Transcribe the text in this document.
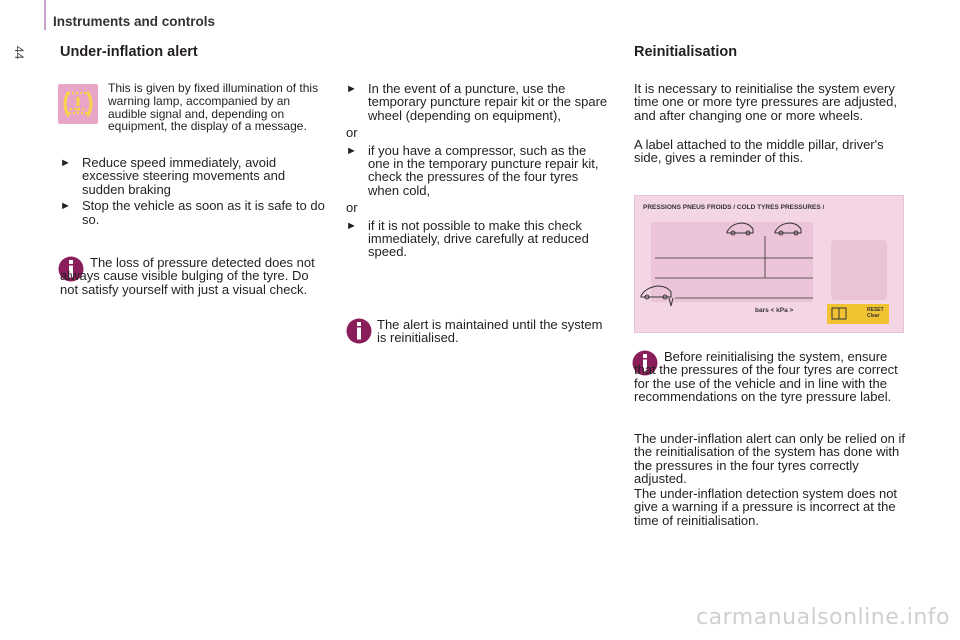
Instruments and controls
44 Under-inflation alert
This is given by fixed illumination of this warning lamp, accompanied by an audible signal and, depending on equipment, the display of a message.
► Reduce speed immediately, avoid excessive steering movements and sudden braking
► Stop the vehicle as soon as it is safe to do so.
The loss of pressure detected does not always cause visible bulging of the tyre. Do not satisfy yourself with just a visual check.
► In the event of a puncture, use the temporary puncture repair kit or the spare wheel (depending on equipment),
or
► if you have a compressor, such as the one in the temporary puncture repair kit, check the pressures of the four tyres when cold,
or
► if it is not possible to make this check immediately, drive carefully at reduced speed.
The alert is maintained until the system is reinitialised.
Reinitialisation
It is necessary to reinitialise the system every time one or more tyre pressures are adjusted, and after changing one or more wheels.
A label attached to the middle pillar, driver's side, gives a reminder of this.
PRESSIONS PNEUS FROIDS / COLD TYRES PRESSURES /
bars < kPa >	RESET
Clear
Before reinitialising the system, ensure that the pressures of the four tyres are correct for the use of the vehicle and in line with the recommendations on the tyre pressure label.
The under-inflation alert can only be relied on if the reinitialisation of the system has done with the pressures in the four tyres correctly adjusted.
The under-inflation detection system does not give a warning if a pressure is incorrect at the time of reinitialisation.
carmanualsonline.info
